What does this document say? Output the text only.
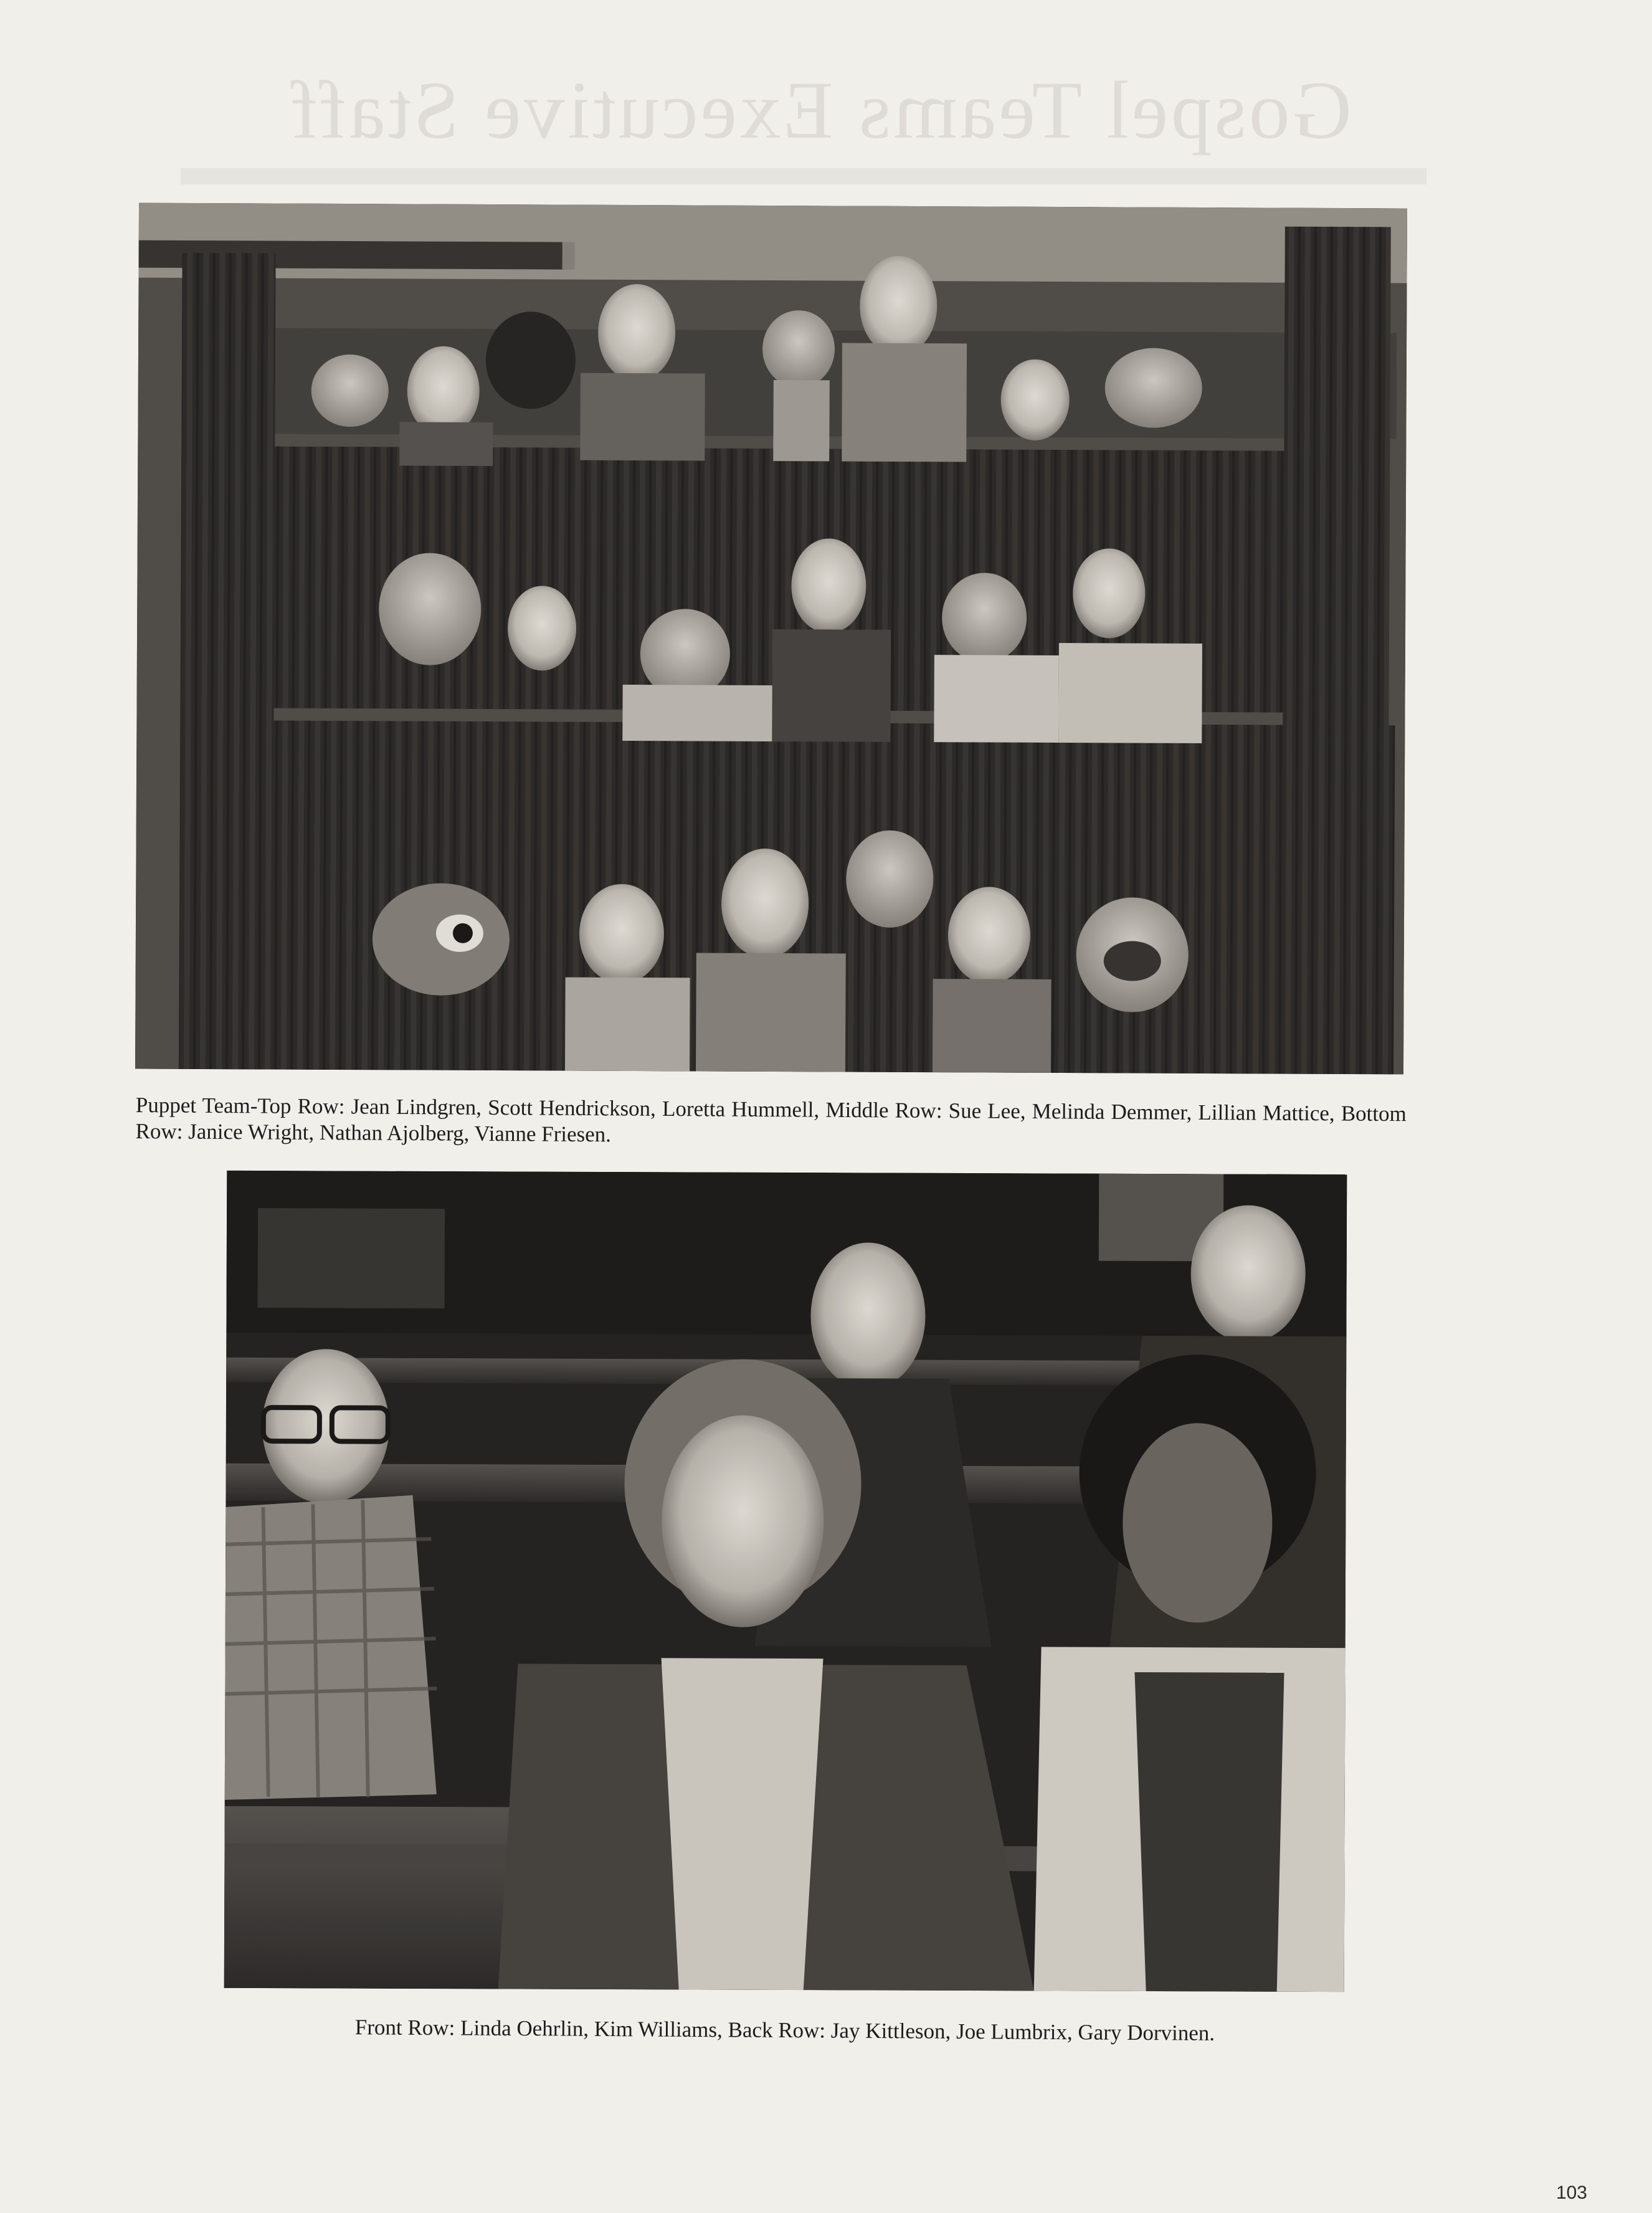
Gospel Teams Executive Staff
Puppet Team-Top Row: Jean Lindgren, Scott Hendrickson, Loretta Hummell, Middle Row: Sue Lee, Melinda Demmer, Lillian Mattice, Bottom Row: Janice Wright, Nathan Ajolberg, Vianne Friesen.
Front Row: Linda Oehrlin, Kim Williams, Back Row: Jay Kittleson, Joe Lumbrix, Gary Dorvinen.
103
